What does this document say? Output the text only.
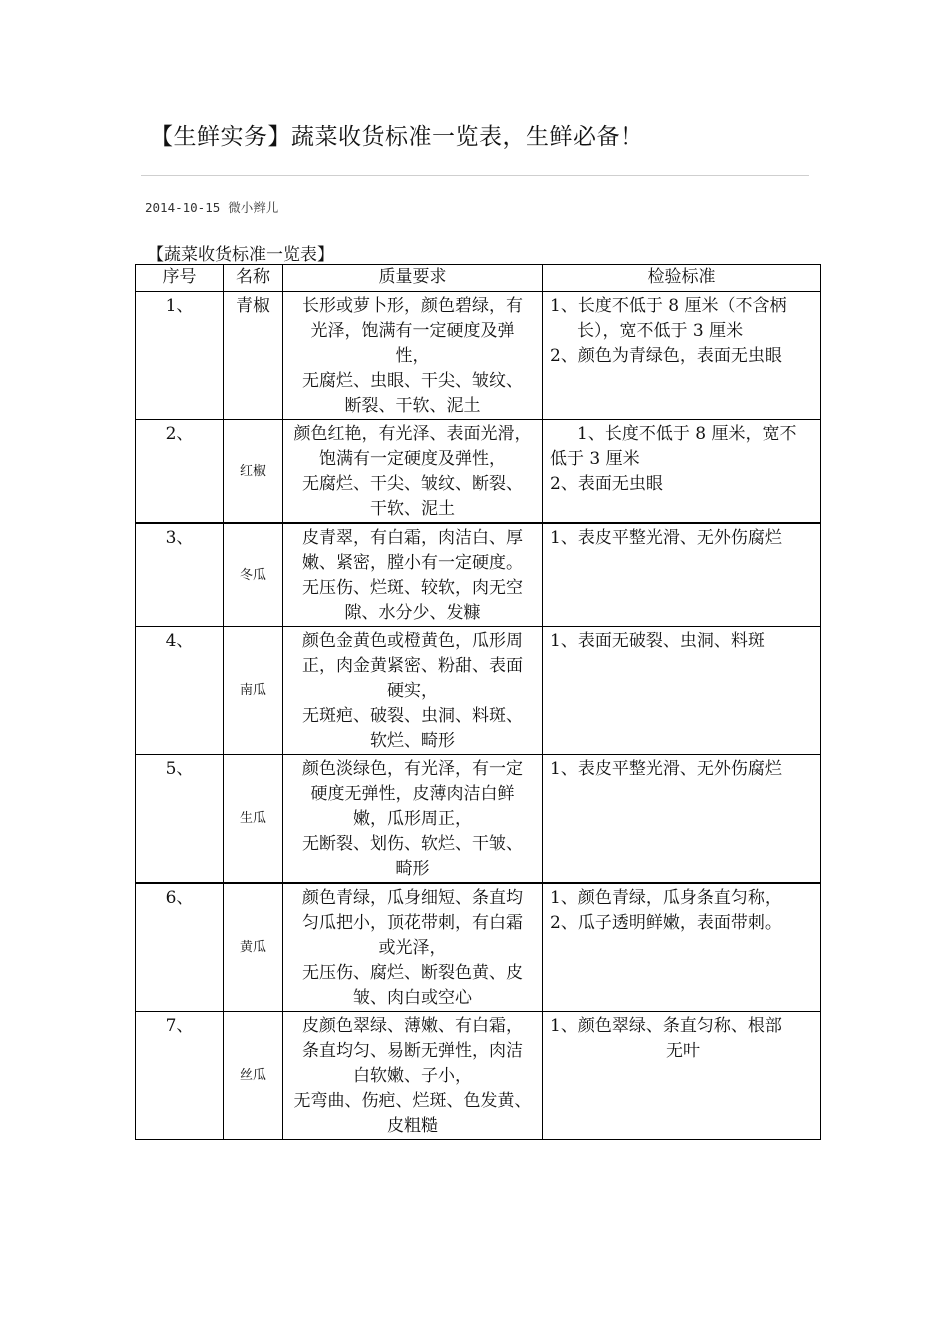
【生鲜实务】蔬菜收货标准一览表，生鲜必备！
2014-10-15 微小辫儿
【蔬菜收货标准一览表】
序号	名称	质量要求	检验标准
1、	青椒	长形或萝卜形，颜色碧绿，有
光泽，饱满有一定硬度及弹
性，
无腐烂、虫眼、干尖、皱纹、
断裂、干软、泥土	1、长度不低于 8 厘米（不含柄
长），宽不低于 3 厘米
2、颜色为青绿色，表面无虫眼

2、	红椒	颜色红艳，有光泽、表面光滑，
饱满有一定硬度及弹性，
无腐烂、干尖、皱纹、断裂、
干软、泥土	1、长度不低于 8 厘米，宽不
低于 3 厘米
2、表面无虫眼

3、	冬瓜	皮青翠，有白霜，肉洁白、厚
嫩、紧密，膛小有一定硬度。
无压伤、烂斑、较软，肉无空
隙、水分少、发糠	1、表皮平整光滑、无外伤腐烂

4、	南瓜	颜色金黄色或橙黄色，瓜形周
正，肉金黄紧密、粉甜、表面
硬实，
无斑疤、破裂、虫洞、料斑、
软烂、畸形	1、表面无破裂、虫洞、料斑

5、	生瓜	颜色淡绿色，有光泽，有一定
硬度无弹性，皮薄肉洁白鲜
嫩，瓜形周正，
无断裂、划伤、软烂、干皱、
畸形	1、表皮平整光滑、无外伤腐烂

6、	黄瓜	颜色青绿，瓜身细短、条直均
匀瓜把小，顶花带刺，有白霜
或光泽，
无压伤、腐烂、断裂色黄、皮
皱、肉白或空心	1、颜色青绿，瓜身条直匀称，
2、瓜子透明鲜嫩，表面带刺。

7、	丝瓜	皮颜色翠绿、薄嫩、有白霜，
条直均匀、易断无弹性，肉洁
白软嫩、子小，
无弯曲、伤疤、烂斑、色发黄、
皮粗糙	1、颜色翠绿、条直匀称、根部
无叶
